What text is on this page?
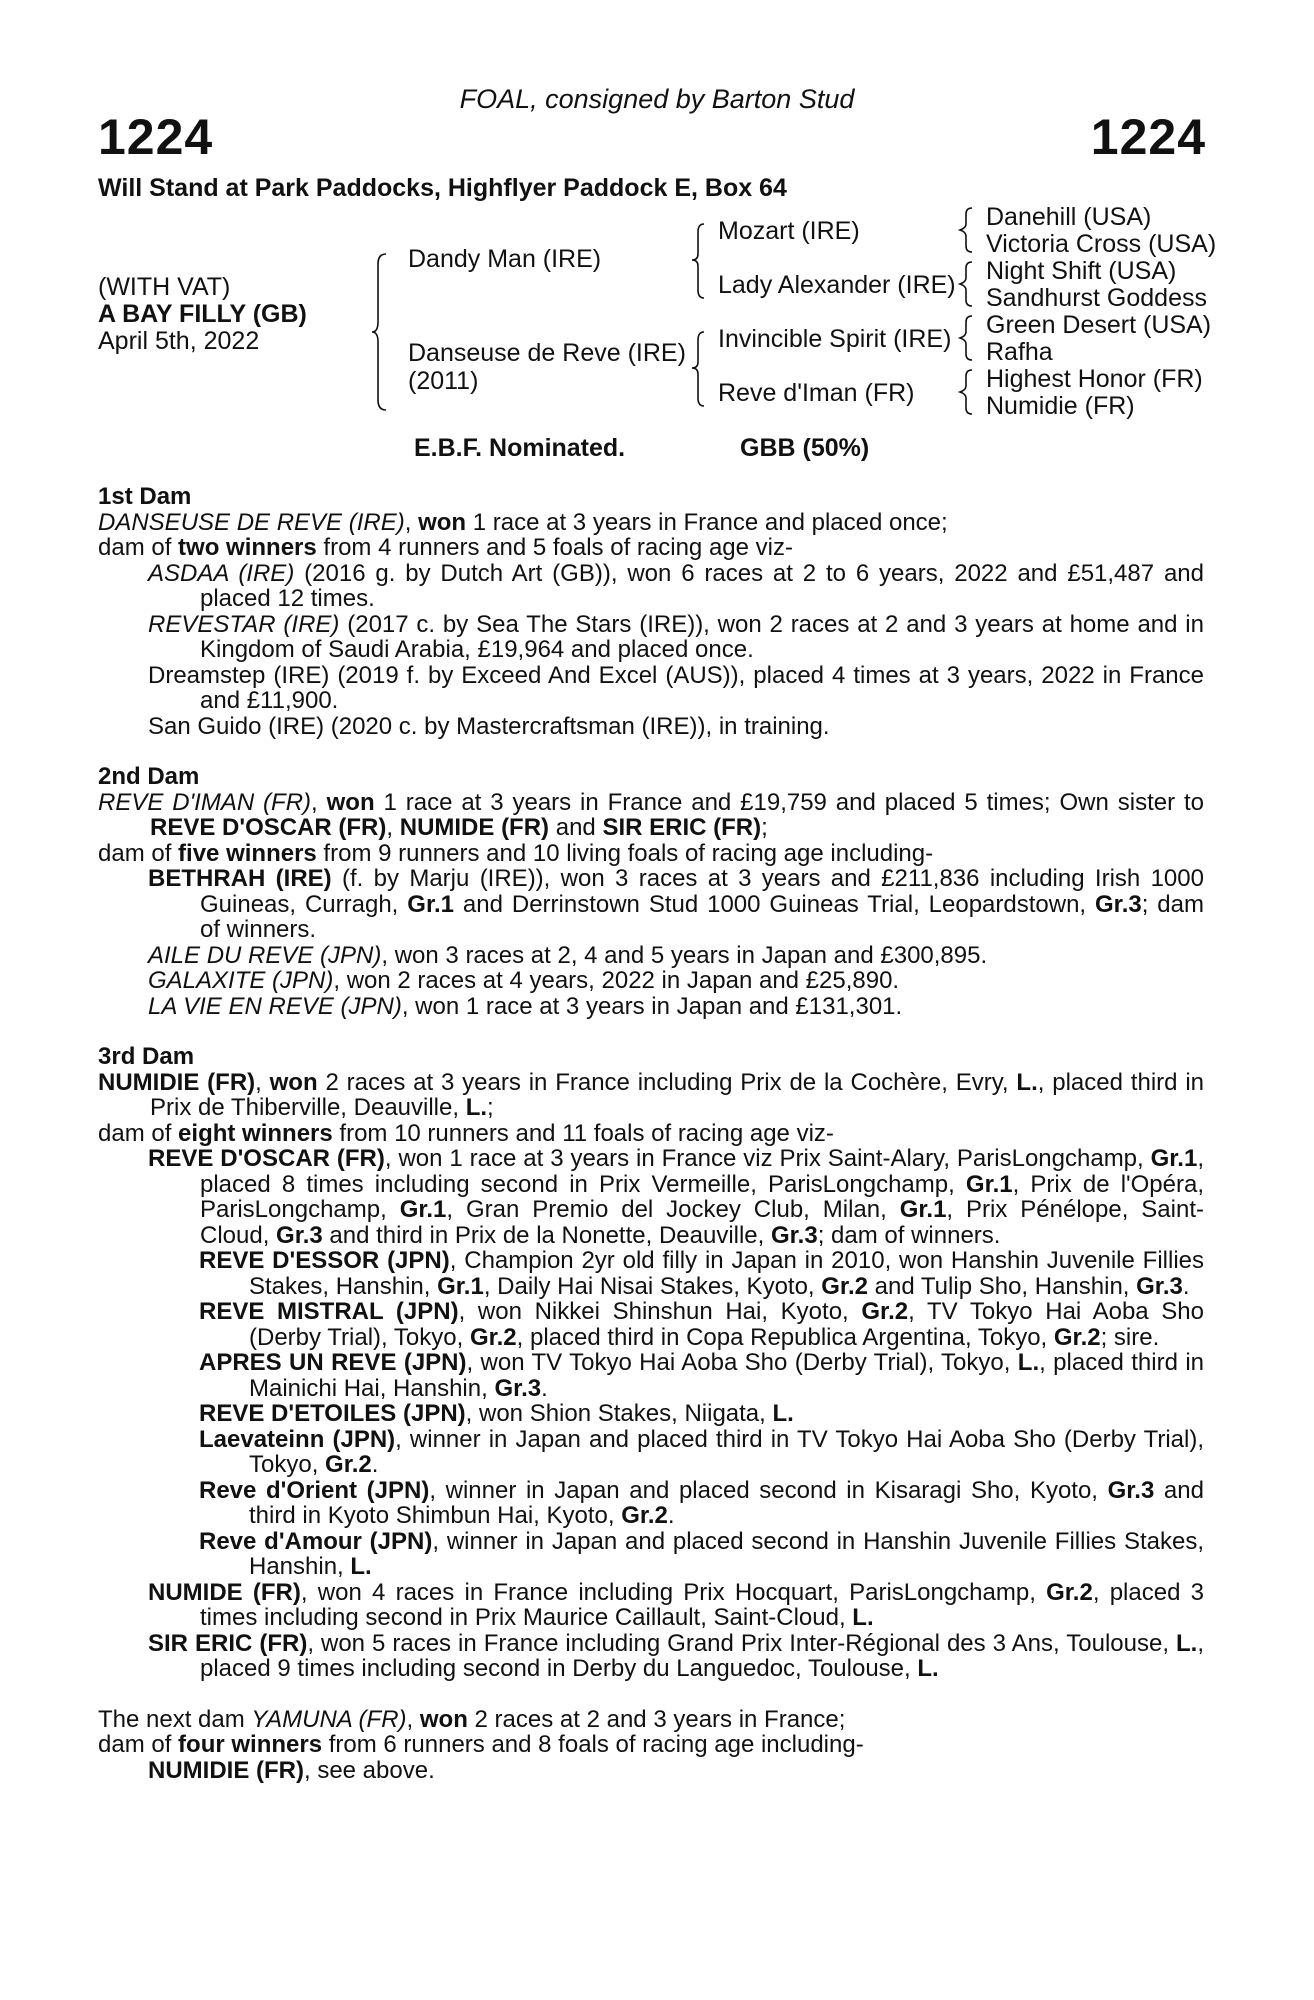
FOAL, consigned by Barton Stud
1224	1224
Will Stand at Park Paddocks, Highflyer Paddock E, Box 64
(WITH VAT)
A BAY FILLY (GB)
April 5th, 2022
Dandy Man (IRE)
Danseuse de Reve (IRE)
(2011)
Mozart (IRE)
Lady Alexander (IRE)
Invincible Spirit (IRE)
Reve d'Iman (FR)
Danehill (USA)
Victoria Cross (USA)
Night Shift (USA)
Sandhurst Goddess
Green Desert (USA)
Rafha
Highest Honor (FR)
Numidie (FR)
E.B.F. Nominated.	GBB (50%)
1st Dam
DANSEUSE DE REVE (IRE), won 1 race at 3 years in France and placed once;
dam of two winners from 4 runners and 5 foals of racing age viz-
ASDAA (IRE) (2016 g. by Dutch Art (GB)), won 6 races at 2 to 6 years, 2022 and £51,487 and placed 12 times.
REVESTAR (IRE) (2017 c. by Sea The Stars (IRE)), won 2 races at 2 and 3 years at home and in Kingdom of Saudi Arabia, £19,964 and placed once.
Dreamstep (IRE) (2019 f. by Exceed And Excel (AUS)), placed 4 times at 3 years, 2022 in France and £11,900.
San Guido (IRE) (2020 c. by Mastercraftsman (IRE)), in training.
2nd Dam
REVE D'IMAN (FR), won 1 race at 3 years in France and £19,759 and placed 5 times; Own sister to REVE D'OSCAR (FR), NUMIDE (FR) and SIR ERIC (FR);
dam of five winners from 9 runners and 10 living foals of racing age including-
BETHRAH (IRE) (f. by Marju (IRE)), won 3 races at 3 years and £211,836 including Irish 1000 Guineas, Curragh, Gr.1 and Derrinstown Stud 1000 Guineas Trial, Leopardstown, Gr.3; dam of winners.
AILE DU REVE (JPN), won 3 races at 2, 4 and 5 years in Japan and £300,895.
GALAXITE (JPN), won 2 races at 4 years, 2022 in Japan and £25,890.
LA VIE EN REVE (JPN), won 1 race at 3 years in Japan and £131,301.
3rd Dam
NUMIDIE (FR), won 2 races at 3 years in France including Prix de la Cochère, Evry, L., placed third in Prix de Thiberville, Deauville, L.;
dam of eight winners from 10 runners and 11 foals of racing age viz-
REVE D'OSCAR (FR), won 1 race at 3 years in France viz Prix Saint-Alary, ParisLongchamp, Gr.1, placed 8 times including second in Prix Vermeille, ParisLongchamp, Gr.1, Prix de l'Opéra, ParisLongchamp, Gr.1, Gran Premio del Jockey Club, Milan, Gr.1, Prix Pénélope, Saint-Cloud, Gr.3 and third in Prix de la Nonette, Deauville, Gr.3; dam of winners.
REVE D'ESSOR (JPN), Champion 2yr old filly in Japan in 2010, won Hanshin Juvenile Fillies Stakes, Hanshin, Gr.1, Daily Hai Nisai Stakes, Kyoto, Gr.2 and Tulip Sho, Hanshin, Gr.3.
REVE MISTRAL (JPN), won Nikkei Shinshun Hai, Kyoto, Gr.2, TV Tokyo Hai Aoba Sho (Derby Trial), Tokyo, Gr.2, placed third in Copa Republica Argentina, Tokyo, Gr.2; sire.
APRES UN REVE (JPN), won TV Tokyo Hai Aoba Sho (Derby Trial), Tokyo, L., placed third in Mainichi Hai, Hanshin, Gr.3.
REVE D'ETOILES (JPN), won Shion Stakes, Niigata, L.
Laevateinn (JPN), winner in Japan and placed third in TV Tokyo Hai Aoba Sho (Derby Trial), Tokyo, Gr.2.
Reve d'Orient (JPN), winner in Japan and placed second in Kisaragi Sho, Kyoto, Gr.3 and third in Kyoto Shimbun Hai, Kyoto, Gr.2.
Reve d'Amour (JPN), winner in Japan and placed second in Hanshin Juvenile Fillies Stakes, Hanshin, L.
NUMIDE (FR), won 4 races in France including Prix Hocquart, ParisLongchamp, Gr.2, placed 3 times including second in Prix Maurice Caillault, Saint-Cloud, L.
SIR ERIC (FR), won 5 races in France including Grand Prix Inter-Régional des 3 Ans, Toulouse, L., placed 9 times including second in Derby du Languedoc, Toulouse, L.
The next dam YAMUNA (FR), won 2 races at 2 and 3 years in France;
dam of four winners from 6 runners and 8 foals of racing age including-
NUMIDIE (FR), see above.
